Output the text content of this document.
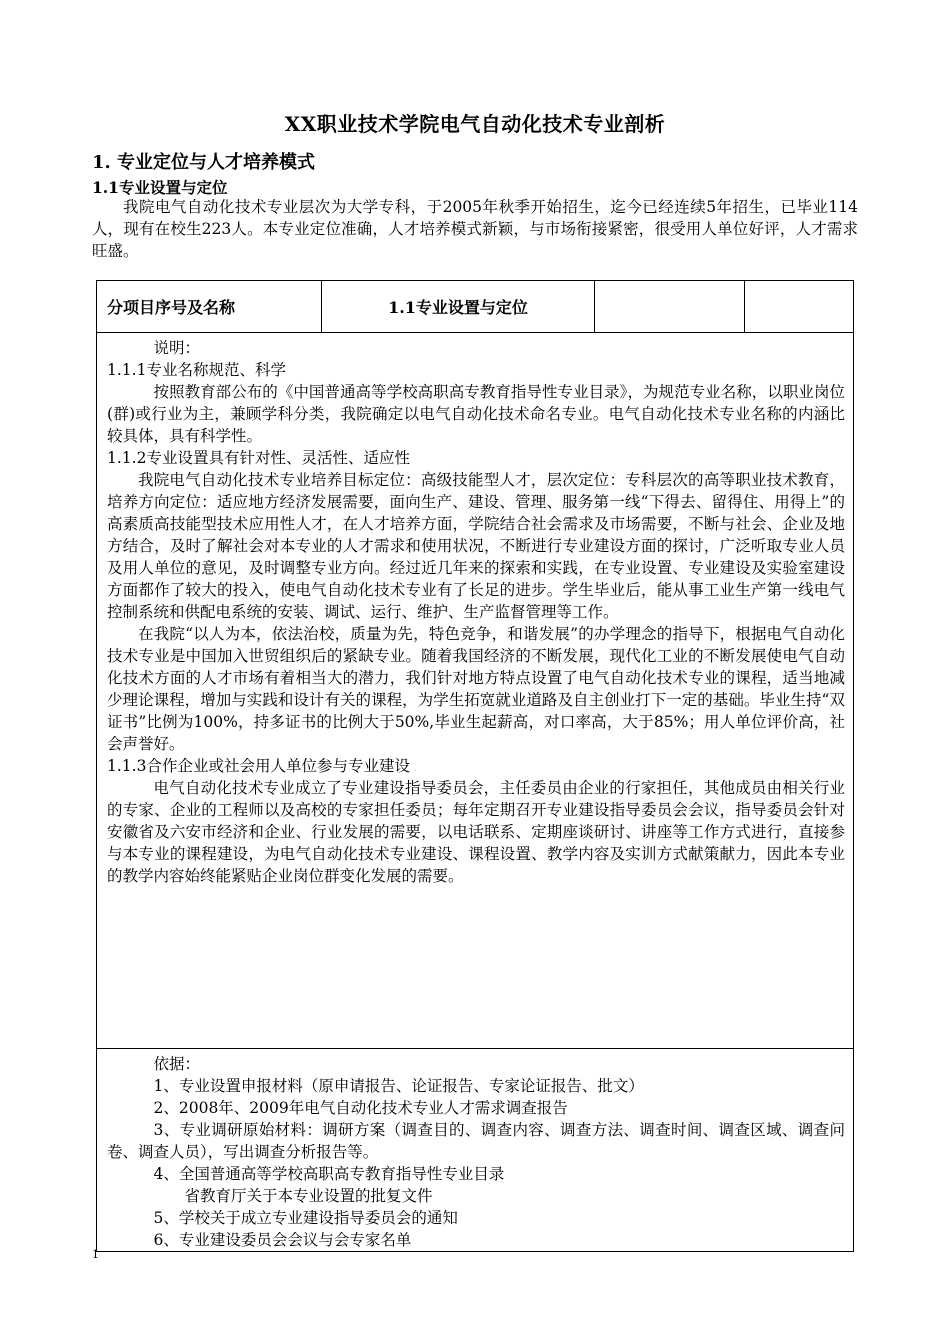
XX职业技术学院电气自动化技术专业剖析
1. 专业定位与人才培养模式
1.1专业设置与定位

我院电气自动化技术专业层次为大学专科，于2005年秋季开始招生，迄今已经连续5年招生，已毕业114人，现有在校生223人。本专业定位准确，人才培养模式新颖，与市场衔接紧密，很受用人单位好评，人才需求旺盛。

分项目序号及名称	1.1专业设置与定位

说明：

1.1.1专业名称规范、科学

按照教育部公布的《中国普通高等学校高职高专教育指导性专业目录》，为规范专业名称，以职业岗位(群)或行业为主，兼顾学科分类，我院确定以电气自动化技术命名专业。电气自动化技术专业名称的内涵比较具体，具有科学性。

1.1.2专业设置具有针对性、灵活性、适应性

我院电气自动化技术专业培养目标定位：高级技能型人才，层次定位：专科层次的高等职业技术教育，培养方向定位：适应地方经济发展需要，面向生产、建设、管理、服务第一线“下得去、留得住、用得上”的高素质高技能型技术应用性人才，在人才培养方面，学院结合社会需求及市场需要，不断与社会、企业及地方结合，及时了解社会对本专业的人才需求和使用状况，不断进行专业建设方面的探讨，广泛听取专业人员及用人单位的意见，及时调整专业方向。经过近几年来的探索和实践，在专业设置、专业建设及实验室建设方面都作了较大的投入，使电气自动化技术专业有了长足的进步。学生毕业后，能从事工业生产第一线电气控制系统和供配电系统的安装、调试、运行、维护、生产监督管理等工作。

在我院“以人为本，依法治校，质量为先，特色竞争，和谐发展”的办学理念的指导下，根据电气自动化技术专业是中国加入世贸组织后的紧缺专业。随着我国经济的不断发展，现代化工业的不断发展使电气自动化技术方面的人才市场有着相当大的潜力，我们针对地方特点设置了电气自动化技术专业的课程，适当地减少理论课程，增加与实践和设计有关的课程，为学生拓宽就业道路及自主创业打下一定的基础。毕业生持“双证书”比例为100%，持多证书的比例大于50%,毕业生起薪高，对口率高，大于85%；用人单位评价高，社会声誉好。

1.1.3合作企业或社会用人单位参与专业建设

电气自动化技术专业成立了专业建设指导委员会，主任委员由企业的行家担任，其他成员由相关行业的专家、企业的工程师以及高校的专家担任委员；每年定期召开专业建设指导委员会会议，指导委员会针对安徽省及六安市经济和企业、行业发展的需要，以电话联系、定期座谈研讨、讲座等工作方式进行，直接参与本专业的课程建设，为电气自动化技术专业建设、课程设置、教学内容及实训方式献策献力，因此本专业的教学内容始终能紧贴企业岗位群变化发展的需要。

依据：

1、专业设置申报材料（原申请报告、论证报告、专家论证报告、批文）

2、2008年、2009年电气自动化技术专业人才需求调查报告

3、专业调研原始材料：调研方案（调查目的、调查内容、调查方法、调查时间、调查区域、调查问卷、调查人员），写出调查分析报告等。

4、全国普通高等学校高职高专教育指导性专业目录

省教育厅关于本专业设置的批复文件

5、学校关于成立专业建设指导委员会的通知

6、专业建设委员会会议与会专家名单

1
